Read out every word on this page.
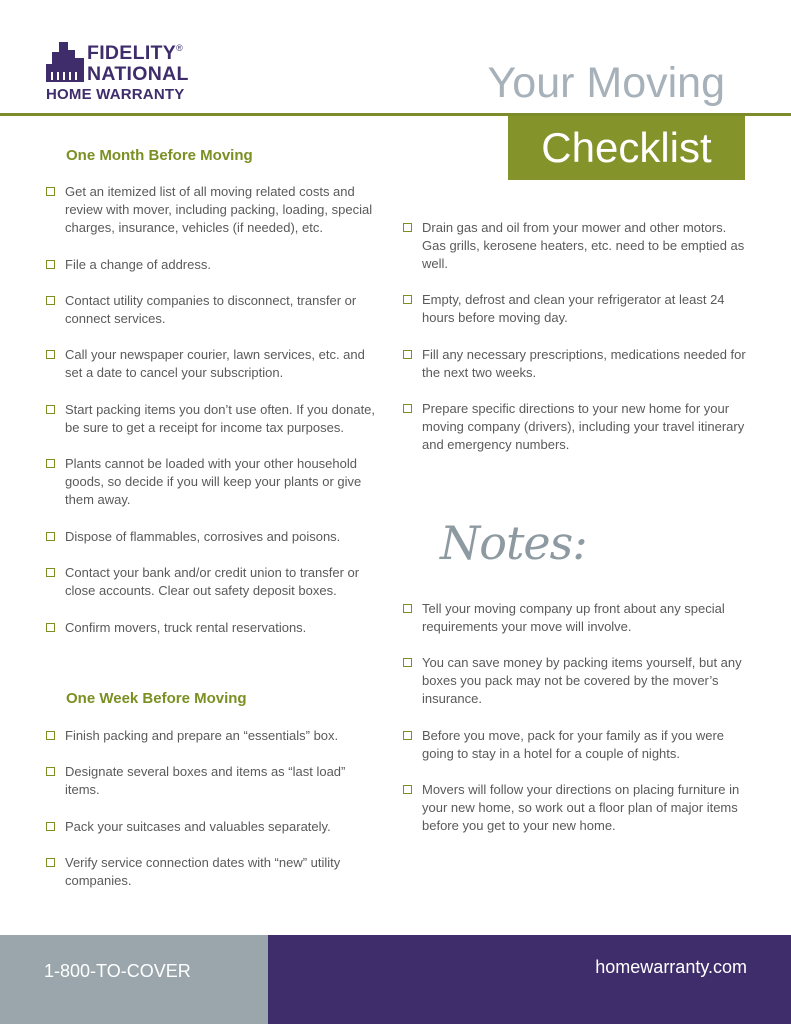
FIDELITY®
NATIONAL
HOME WARRANTY	Your Moving
Checklist
One Month Before Moving
Get an itemized list of all moving related costs and review with mover, including packing, loading, special charges, insurance, vehicles (if needed), etc.
File a change of address.
Contact utility companies to disconnect, transfer or connect services.
Call your newspaper courier, lawn services, etc. and set a date to cancel your subscription.
Start packing items you don’t use often. If you donate, be sure to get a receipt for income tax purposes.
Plants cannot be loaded with your other household goods, so decide if you will keep your plants or give them away.
Dispose of flammables, corrosives and poisons.
Contact your bank and/or credit union to transfer or close accounts. Clear out safety deposit boxes.
Confirm movers, truck rental reservations.
One Week Before Moving
Finish packing and prepare an “essentials” box.
Designate several boxes and items as “last load” items.
Pack your suitcases and valuables separately.
Verify service connection dates with “new” utility companies.
Drain gas and oil from your mower and other motors. Gas grills, kerosene heaters, etc. need to be emptied as well.
Empty, defrost and clean your refrigerator at least 24 hours before moving day.
Fill any necessary prescriptions, medications needed for the next two weeks.
Prepare specific directions to your new home for your moving company (drivers), including your travel itinerary and emergency numbers.
Notes:
Tell your moving company up front about any special requirements your move will involve.
You can save money by packing items yourself, but any boxes you pack may not be covered by the mover’s insurance.
Before you move, pack for your family as if you were going to stay in a hotel for a couple of nights.
Movers will follow your directions on placing furniture in your new home, so work out a floor plan of major items before you get to your new home.
1-800-TO-COVER	homewarranty.com
